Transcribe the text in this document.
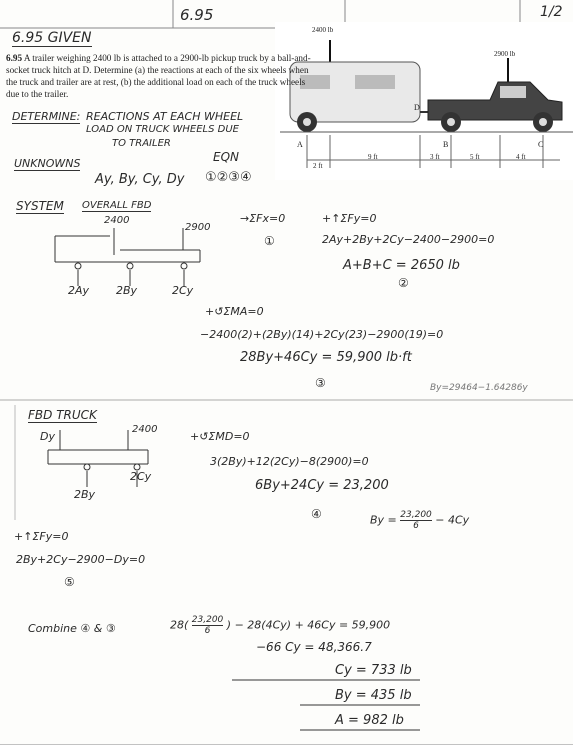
6.95	1/2
6.95 GIVEN
6.95 A trailer weighing 2400 lb is attached to a 2900-lb pickup truck by a ball-and-socket truck hitch at D. Determine (a) the reactions at each of the six wheels when the truck and trailer are at rest, (b) the additional load on each of the truck wheels due to the trailer.
2400 lb
2900 lb
A	B	C
D
2 ft
9 ft	3 ft	5 ft	4 ft
DETERMINE: REACTIONS AT EACH WHEEL
LOAD ON TRUCK WHEELS DUE
TO TRAILER
UNKNOWNS	EQN
Ay, By, Cy, Dy ①②③④
SYSTEM OVERALL FBD
2400
2900
2Ay 2By	2Cy
→ΣFx=0
①
+↑ΣFy=0
2Ay+2By+2Cy−2400−2900=0
A+B+C = 2650 lb
②
+↺ΣMA=0
−2400(2)+(2By)(14)+2Cy(23)−2900(19)=0
28By+46Cy = 59,900 lb·ft
③	By=29464−1.64286y
FBD TRUCK
2400
Dy
2By
2Cy
+↺ΣMD=0
3(2By)+12(2Cy)−8(2900)=0
6By+24Cy = 23,200
④	$By = \frac{23,200}{6} - 4Cy$
+↑ΣFy=0
2By+2Cy−2900−Dy=0
⑤
Combine ④ & ③	$28( \frac{23,200}{6}$ ) − 28(4Cy) + 46Cy = 59,900
−66 Cy = 48,366.7
Cy = 733 lb
By = 435 lb
A = 982 lb
